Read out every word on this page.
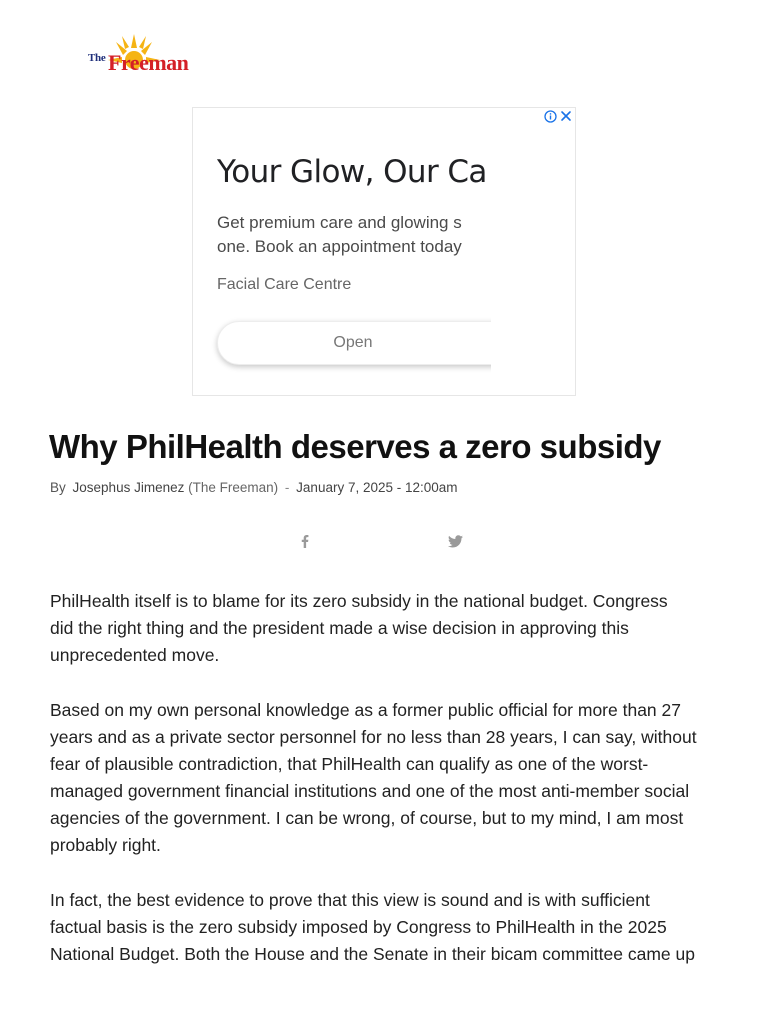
The Freeman
Your Glow, Our Ca
Get premium care and glowing s
one. Book an appointment today
Facial Care Centre
Open
Why PhilHealth deserves a zero subsidy
By Josephus Jimenez (The Freeman) - January 7, 2025 - 12:00am

PhilHealth itself is to blame for its zero subsidy in the national budget. Congress
did the right thing and the president made a wise decision in approving this
unprecedented move.

Based on my own personal knowledge as a former public official for more than 27
years and as a private sector personnel for no less than 28 years, I can say, without
fear of plausible contradiction, that PhilHealth can qualify as one of the worst-
managed government financial institutions and one of the most anti-member social
agencies of the government. I can be wrong, of course, but to my mind, I am most
probably right.

In fact, the best evidence to prove that this view is sound and is with sufficient
factual basis is the zero subsidy imposed by Congress to PhilHealth in the 2025
National Budget. Both the House and the Senate in their bicam committee came up
